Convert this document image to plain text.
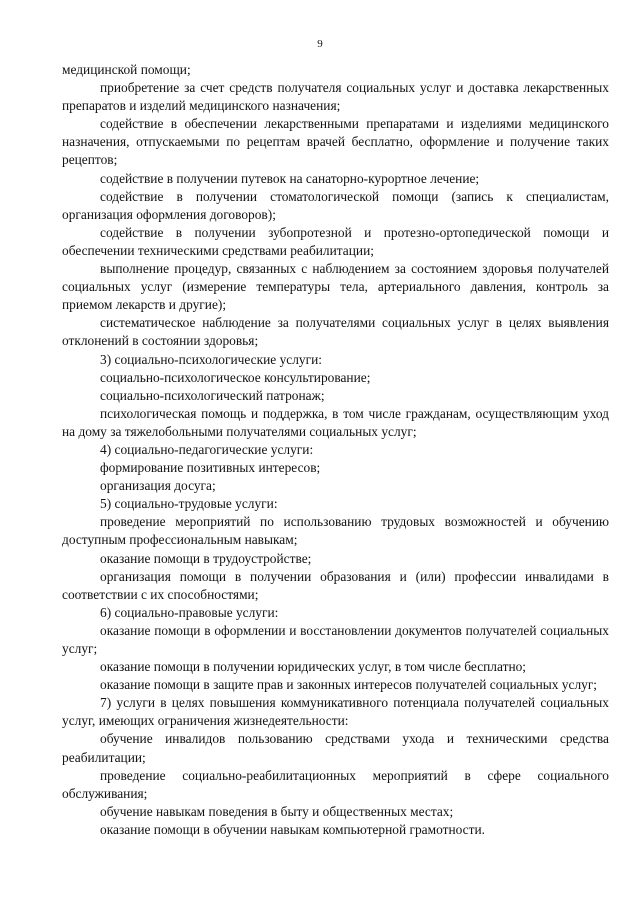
9

медицинской помощи;

приобретение за счет средств получателя социальных услуг и доставка лекарственных препаратов и изделий медицинского назначения;

содействие в обеспечении лекарственными препаратами и изделиями медицинского назначения, отпускаемыми по рецептам врачей бесплатно, оформление и получение таких рецептов;

содействие в получении путевок на санаторно-курортное лечение;

содействие в получении стоматологической помощи (запись к специалистам, организация оформления договоров);

содействие в получении зубопротезной и протезно-ортопедической помощи и обеспечении техническими средствами реабилитации;

выполнение процедур, связанных с наблюдением за состоянием здоровья получателей социальных услуг (измерение температуры тела, артериального давления, контроль за приемом лекарств и другие);

систематическое наблюдение за получателями социальных услуг в целях выявления отклонений в состоянии здоровья;

3) социально-психологические услуги:

социально-психологическое консультирование;

социально-психологический патронаж;

психологическая помощь и поддержка, в том числе гражданам, осуществляющим уход на дому за тяжелобольными получателями социальных услуг;

4) социально-педагогические услуги:

формирование позитивных интересов;

организация досуга;

5) социально-трудовые услуги:

проведение мероприятий по использованию трудовых возможностей и обучению доступным профессиональным навыкам;

оказание помощи в трудоустройстве;

организация помощи в получении образования и (или) профессии инвалидами в соответствии с их способностями;

6) социально-правовые услуги:

оказание помощи в оформлении и восстановлении документов получателей социальных услуг;

оказание помощи в получении юридических услуг, в том числе бесплатно;

оказание помощи в защите прав и законных интересов получателей социальных услуг;

7) услуги в целях повышения коммуникативного потенциала получателей социальных услуг, имеющих ограничения жизнедеятельности:

обучение инвалидов пользованию средствами ухода и техническими средства реабилитации;

проведение социально-реабилитационных мероприятий в сфере социального обслуживания;

обучение навыкам поведения в быту и общественных местах;

оказание помощи в обучении навыкам компьютерной грамотности.
